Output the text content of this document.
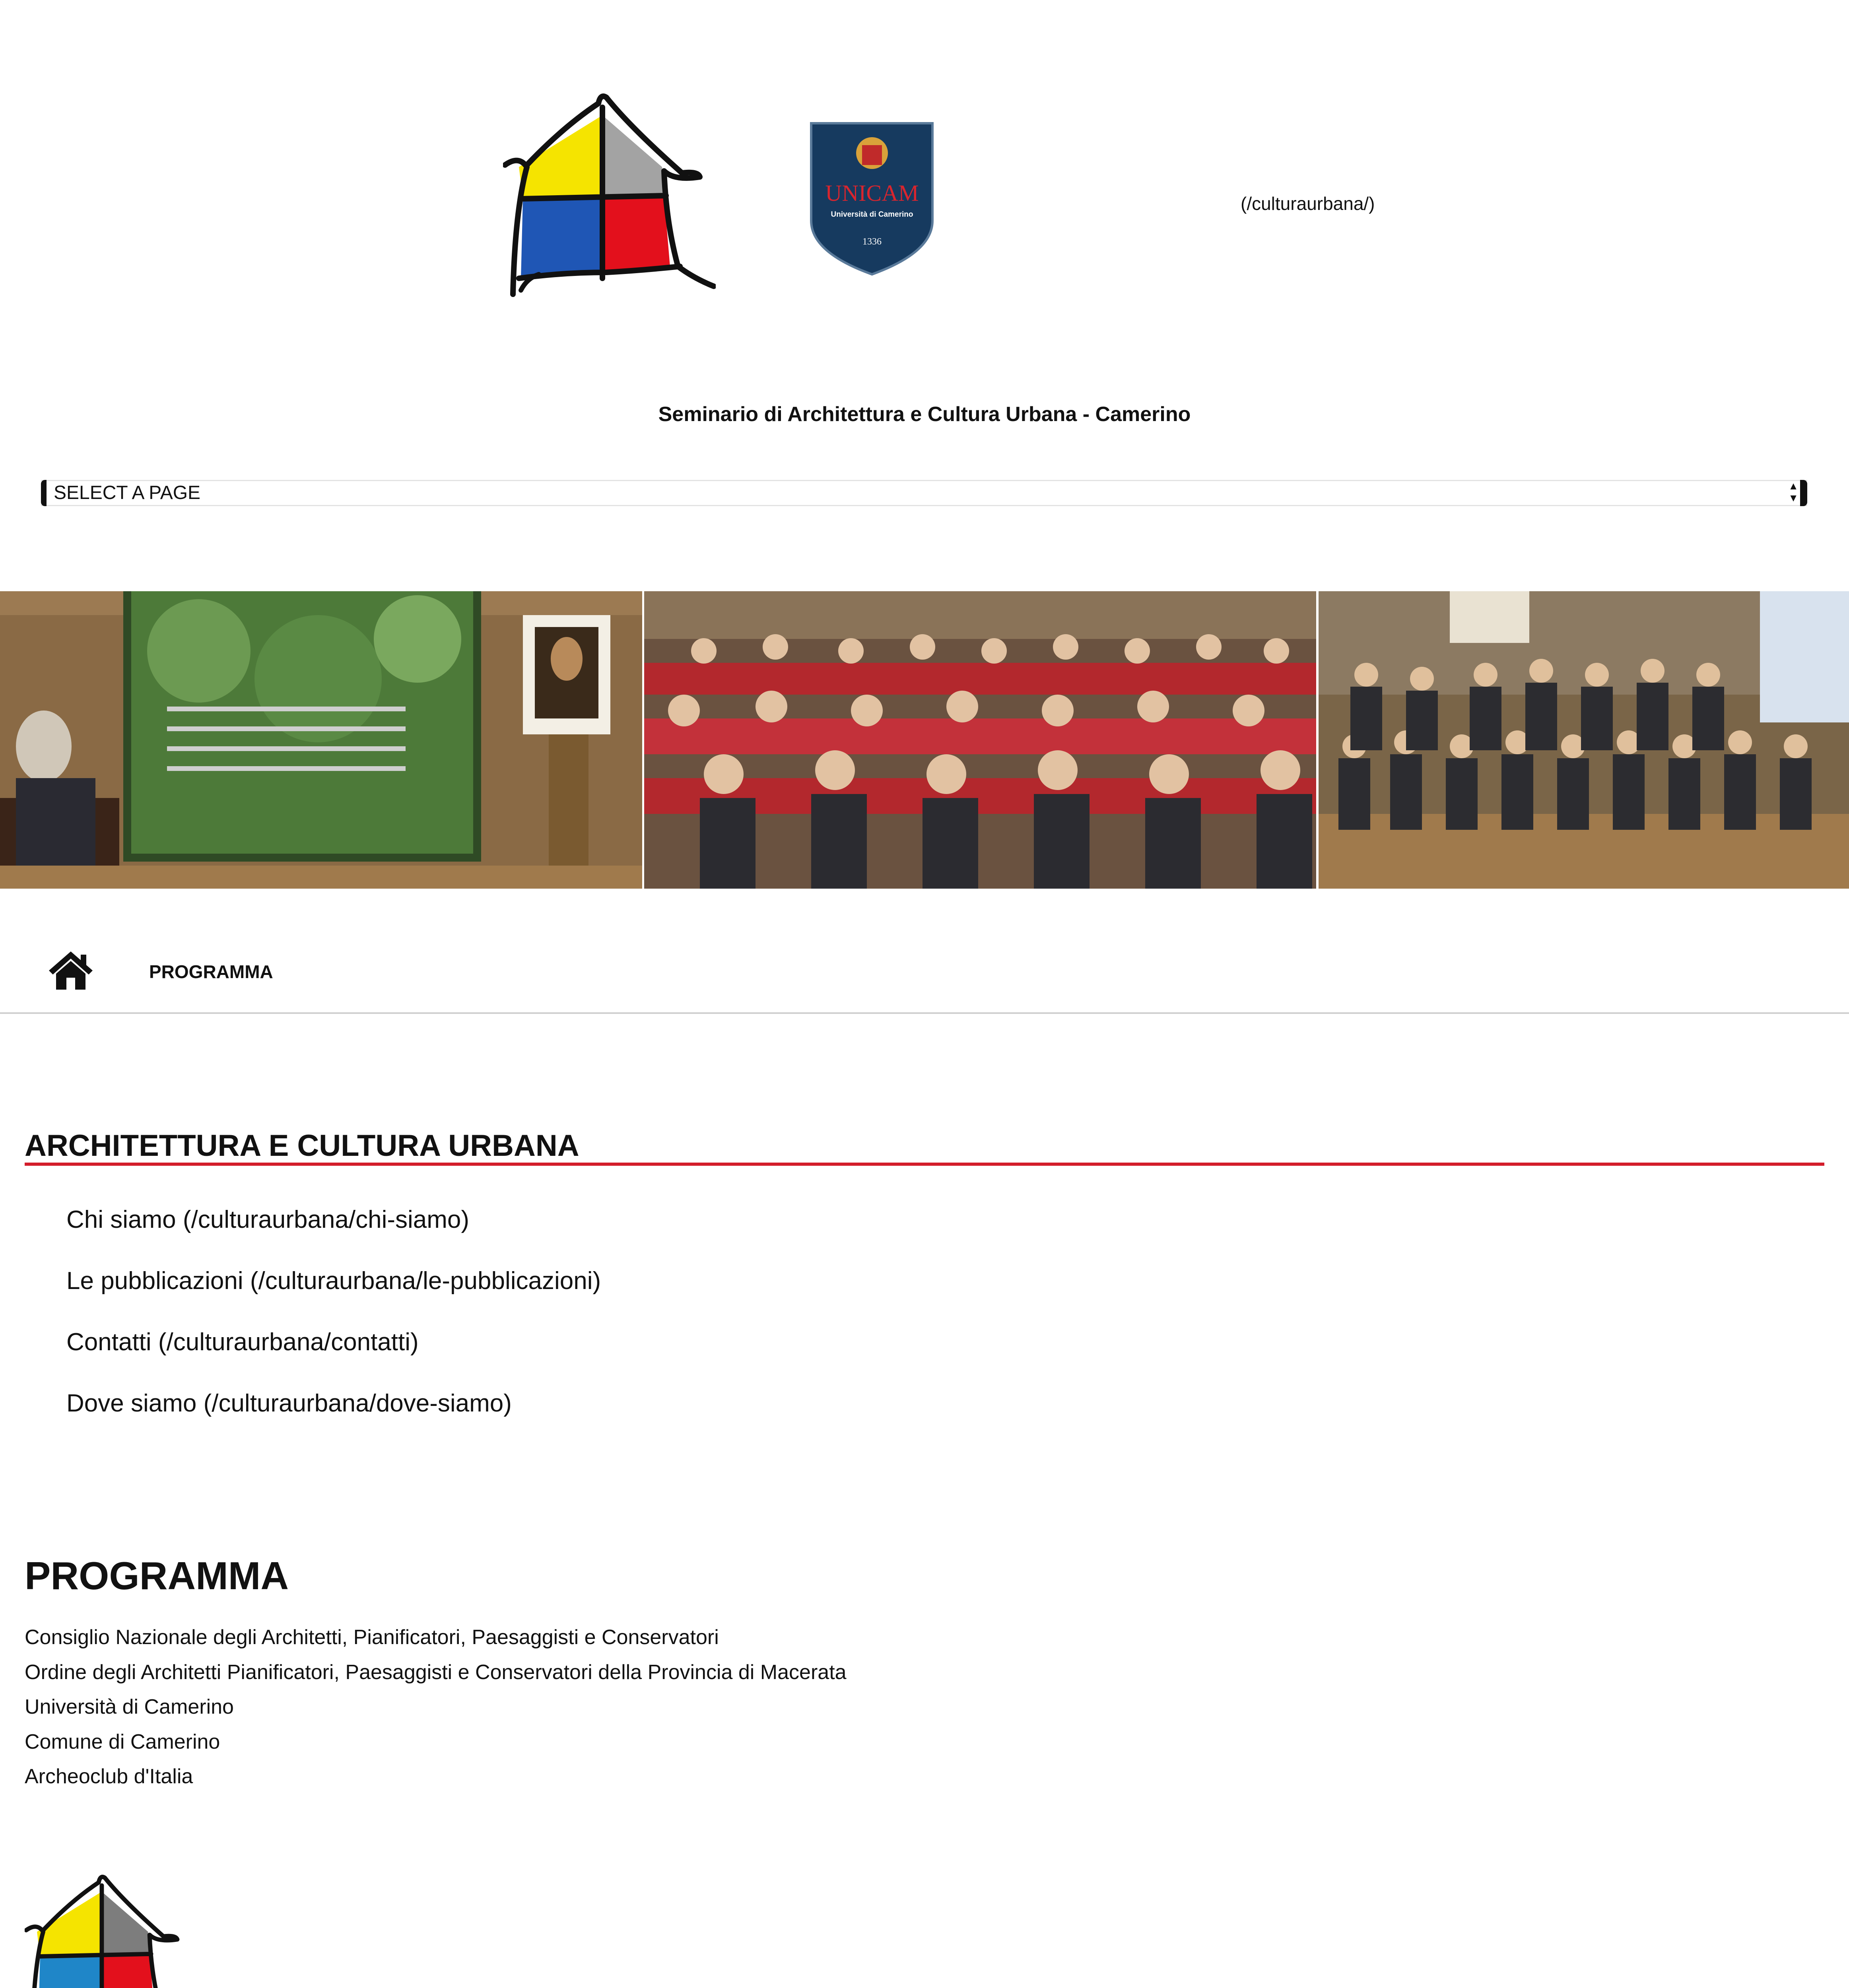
UNICAM
Università di Camerino
1336
(/culturaurbana/)
Seminario di Architettura e Cultura Urbana - Camerino
SELECT A PAGE	▲
▼
PROGRAMMA
ARCHITETTURA E CULTURA URBANA
Chi siamo (/culturaurbana/chi-siamo)
Le pubblicazioni (/culturaurbana/le-pubblicazioni)
Contatti (/culturaurbana/contatti)
Dove siamo (/culturaurbana/dove-siamo)
PROGRAMMA
Consiglio Nazionale degli Architetti, Pianificatori, Paesaggisti e Conservatori
Ordine degli Architetti Pianificatori, Paesaggisti e Conservatori della Provincia di Macerata
Università di Camerino
Comune di Camerino
Archeoclub d'Italia
